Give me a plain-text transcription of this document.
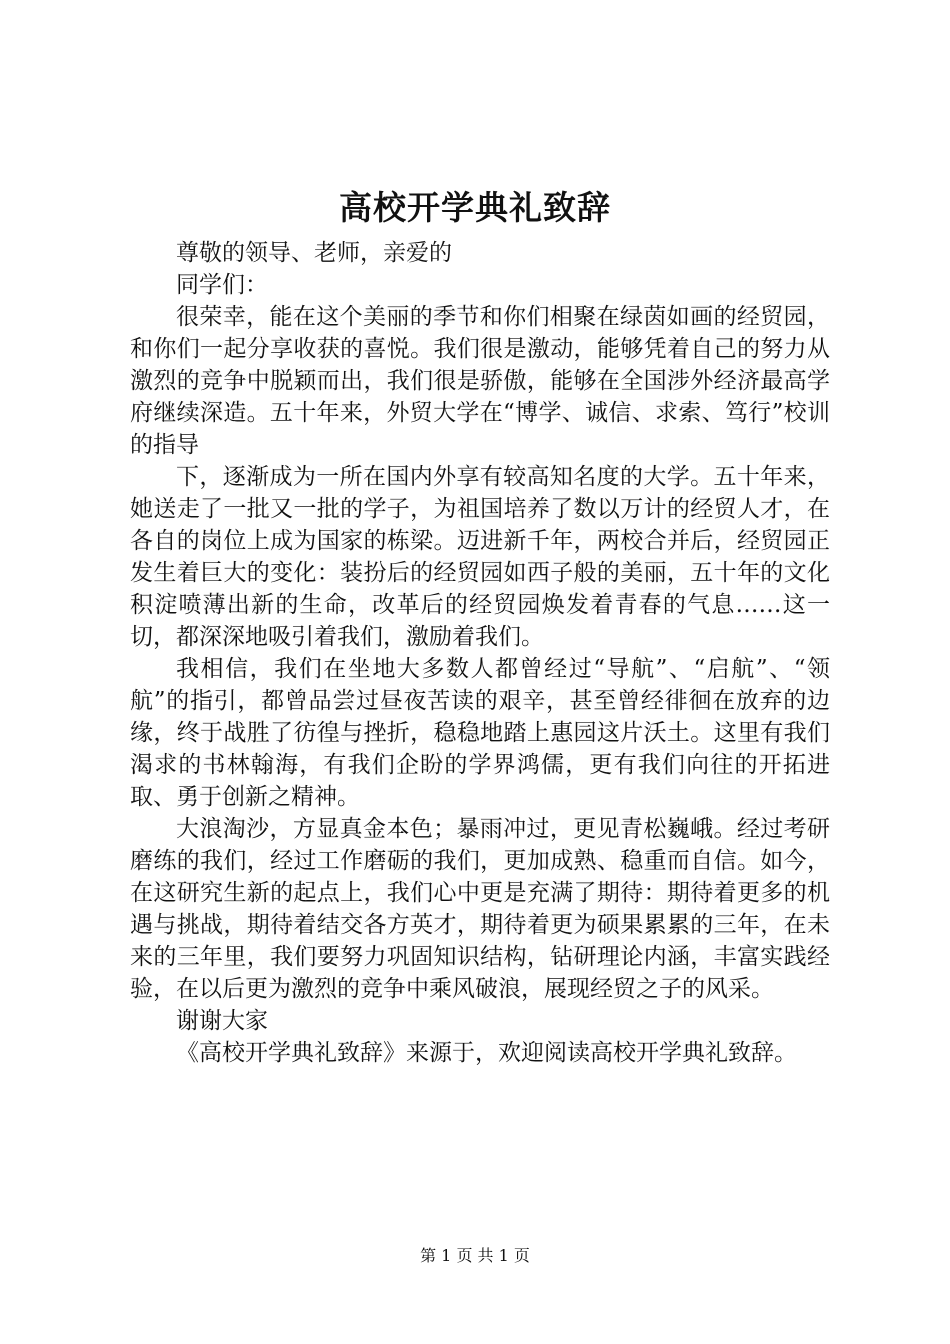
高校开学典礼致辞

尊敬的领导、老师，亲爱的

同学们：

很荣幸，能在这个美丽的季节和你们相聚在绿茵如画的经贸园，和你们一起分享收获的喜悦。我们很是激动，能够凭着自己的努力从激烈的竞争中脱颖而出，我们很是骄傲，能够在全国涉外经济最高学府继续深造。五十年来，外贸大学在“博学、诚信、求索、笃行”校训的指导

下，逐渐成为一所在国内外享有较高知名度的大学。五十年来，她送走了一批又一批的学子，为祖国培养了数以万计的经贸人才，在各自的岗位上成为国家的栋梁。迈进新千年，两校合并后，经贸园正发生着巨大的变化：装扮后的经贸园如西子般的美丽，五十年的文化积淀喷薄出新的生命，改革后的经贸园焕发着青春的气息……这一切，都深深地吸引着我们，激励着我们。

我相信，我们在坐地大多数人都曾经过“导航”、“启航”、“领航”的指引，都曾品尝过昼夜苦读的艰辛，甚至曾经徘徊在放弃的边缘，终于战胜了彷徨与挫折，稳稳地踏上惠园这片沃土。这里有我们渴求的书林翰海，有我们企盼的学界鸿儒，更有我们向往的开拓进取、勇于创新之精神。

大浪淘沙，方显真金本色；暴雨冲过，更见青松巍峨。经过考研磨练的我们，经过工作磨砺的我们，更加成熟、稳重而自信。如今，在这研究生新的起点上，我们心中更是充满了期待：期待着更多的机遇与挑战，期待着结交各方英才，期待着更为硕果累累的三年，在未来的三年里，我们要努力巩固知识结构，钻研理论内涵，丰富实践经验，在以后更为激烈的竞争中乘风破浪，展现经贸之子的风采。

谢谢大家

《高校开学典礼致辞》来源于，欢迎阅读高校开学典礼致辞。

第 1 页 共 1 页
